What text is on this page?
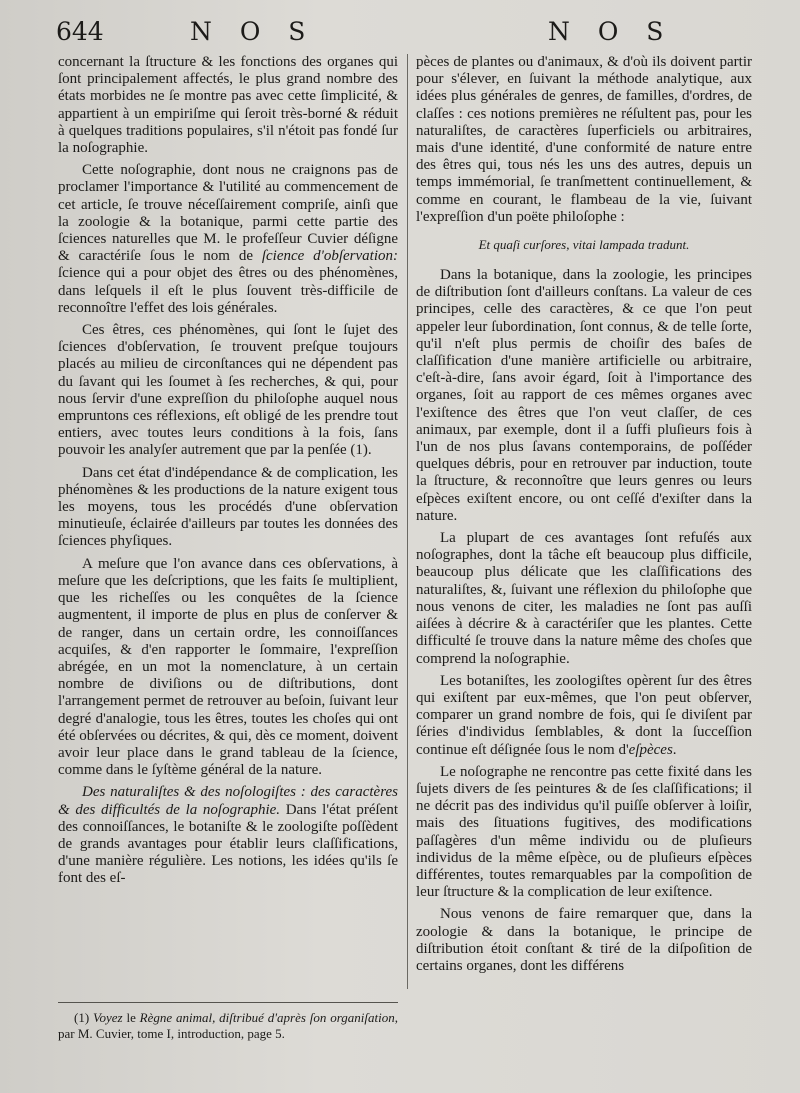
644	N O S	N O S

concernant la ſtructure & les fonctions des organes qui ſont principalement affectés, le plus grand nombre des états morbides ne ſe montre pas avec cette ſimplicité, & appartient à un empiriſme qui ſeroit très-borné & réduit à quelques traditions populaires, s'il n'étoit pas fondé ſur la noſographie.

Cette noſographie, dont nous ne craignons pas de proclamer l'importance & l'utilité au commencement de cet article, ſe trouve néceſſairement compriſe, ainſi que la zoologie & la botanique, parmi cette partie des ſciences naturelles que M. le profeſſeur Cuvier déſigne & caractériſe ſous le nom de ſcience d'obſervation: ſcience qui a pour objet des êtres ou des phénomènes, dans leſquels il eſt le plus ſouvent très-difficile de reconnoître l'effet des lois générales.

Ces êtres, ces phénomènes, qui ſont le ſujet des ſciences d'obſervation, ſe trouvent preſque toujours placés au milieu de circonſtances qui ne dépendent pas du ſavant qui les ſoumet à ſes recherches, & qui, pour nous ſervir d'une expreſſion du philoſophe auquel nous empruntons ces réflexions, eſt obligé de les prendre tout entiers, avec toutes leurs conditions à la fois, ſans pouvoir les analyſer autrement que par la penſée (1).

Dans cet état d'indépendance & de complication, les phénomènes & les productions de la nature exigent tous les moyens, tous les procédés d'une obſervation minutieuſe, éclairée d'ailleurs par toutes les données des ſciences phyſiques.

A meſure que l'on avance dans ces obſervations, à meſure que les deſcriptions, que les faits ſe multiplient, que les richeſſes ou les conquêtes de la ſcience augmentent, il importe de plus en plus de conſerver & de ranger, dans un certain ordre, les connoiſſances acquiſes, & d'en rapporter le ſommaire, l'expreſſion abrégée, en un mot la nomenclature, à un certain nombre de diviſions ou de diſtributions, dont l'arrangement permet de retrouver au beſoin, ſuivant leur degré d'analogie, tous les êtres, toutes les choſes qui ont été obſervées ou décrites, & qui, dès ce moment, doivent avoir leur place dans le grand tableau de la ſcience, comme dans le ſyſtème général de la nature.

Des naturaliſtes & des noſologiſtes : des caractères & des difficultés de la noſographie. Dans l'état préſent des connoiſſances, le botaniſte & le zoologiſte poſſèdent de grands avantages pour établir leurs claſſifications, d'une manière régulière. Les notions, les idées qu'ils ſe font des eſ-

pèces de plantes ou d'animaux, & d'où ils doivent partir pour s'élever, en ſuivant la méthode analytique, aux idées plus générales de genres, de familles, d'ordres, de claſſes : ces notions premières ne réſultent pas, pour les naturaliſtes, de caractères ſuperficiels ou arbitraires, mais d'une identité, d'une conformité de nature entre des êtres qui, tous nés les uns des autres, depuis un temps immémorial, ſe tranſmettent continuellement, & comme en courant, le flambeau de la vie, ſuivant l'expreſſion d'un poëte philoſophe :

Et quaſi curſores, vitai lampada tradunt.

Dans la botanique, dans la zoologie, les principes de diſtribution ſont d'ailleurs conſtans. La valeur de ces principes, celle des caractères, & ce que l'on peut appeler leur ſubordination, ſont connus, & de telle ſorte, qu'il n'eſt plus permis de choiſir des baſes de claſſification d'une manière artificielle ou arbitraire, c'eſt-à-dire, ſans avoir égard, ſoit à l'importance des organes, ſoit au rapport de ces mêmes organes avec l'exiſtence des êtres que l'on veut claſſer, de ces animaux, par exemple, dont il a ſuffi pluſieurs fois à l'un de nos plus ſavans contemporains, de poſſéder quelques débris, pour en retrouver par induction, toute la ſtructure, & reconnoître que leurs genres ou leurs eſpèces exiſtent encore, ou ont ceſſé d'exiſter dans la nature.

La plupart de ces avantages ſont refuſés aux noſographes, dont la tâche eſt beaucoup plus difficile, beaucoup plus délicate que les claſſifications des naturaliſtes, &, ſuivant une réflexion du philoſophe que nous venons de citer, les maladies ne ſont pas auſſi aiſées à décrire & à caractériſer que les plantes. Cette difficulté ſe trouve dans la nature même des choſes que comprend la noſographie.

Les botaniſtes, les zoologiſtes opèrent ſur des êtres qui exiſtent par eux-mêmes, que l'on peut obſerver, comparer un grand nombre de fois, qui ſe diviſent par ſéries d'individus ſemblables, & dont la ſucceſſion continue eſt déſignée ſous le nom d'eſpèces.

Le noſographe ne rencontre pas cette fixité dans les ſujets divers de ſes peintures & de ſes claſſifications; il ne décrit pas des individus qu'il puiſſe obſerver à loiſir, mais des ſituations fugitives, des modifications paſſagères d'un même individu ou de pluſieurs individus de la même eſpèce, ou de pluſieurs eſpèces différentes, toutes remarquables par la compoſition de leur ſtructure & la complication de leur exiſtence.

Nous venons de faire remarquer que, dans la zoologie & dans la botanique, le principe de diſtribution étoit conſtant & tiré de la diſpoſition de certains organes, dont les différens

(1) Voyez le Règne animal, diſtribué d'après ſon organiſation, par M. Cuvier, tome I, introduction, page 5.
